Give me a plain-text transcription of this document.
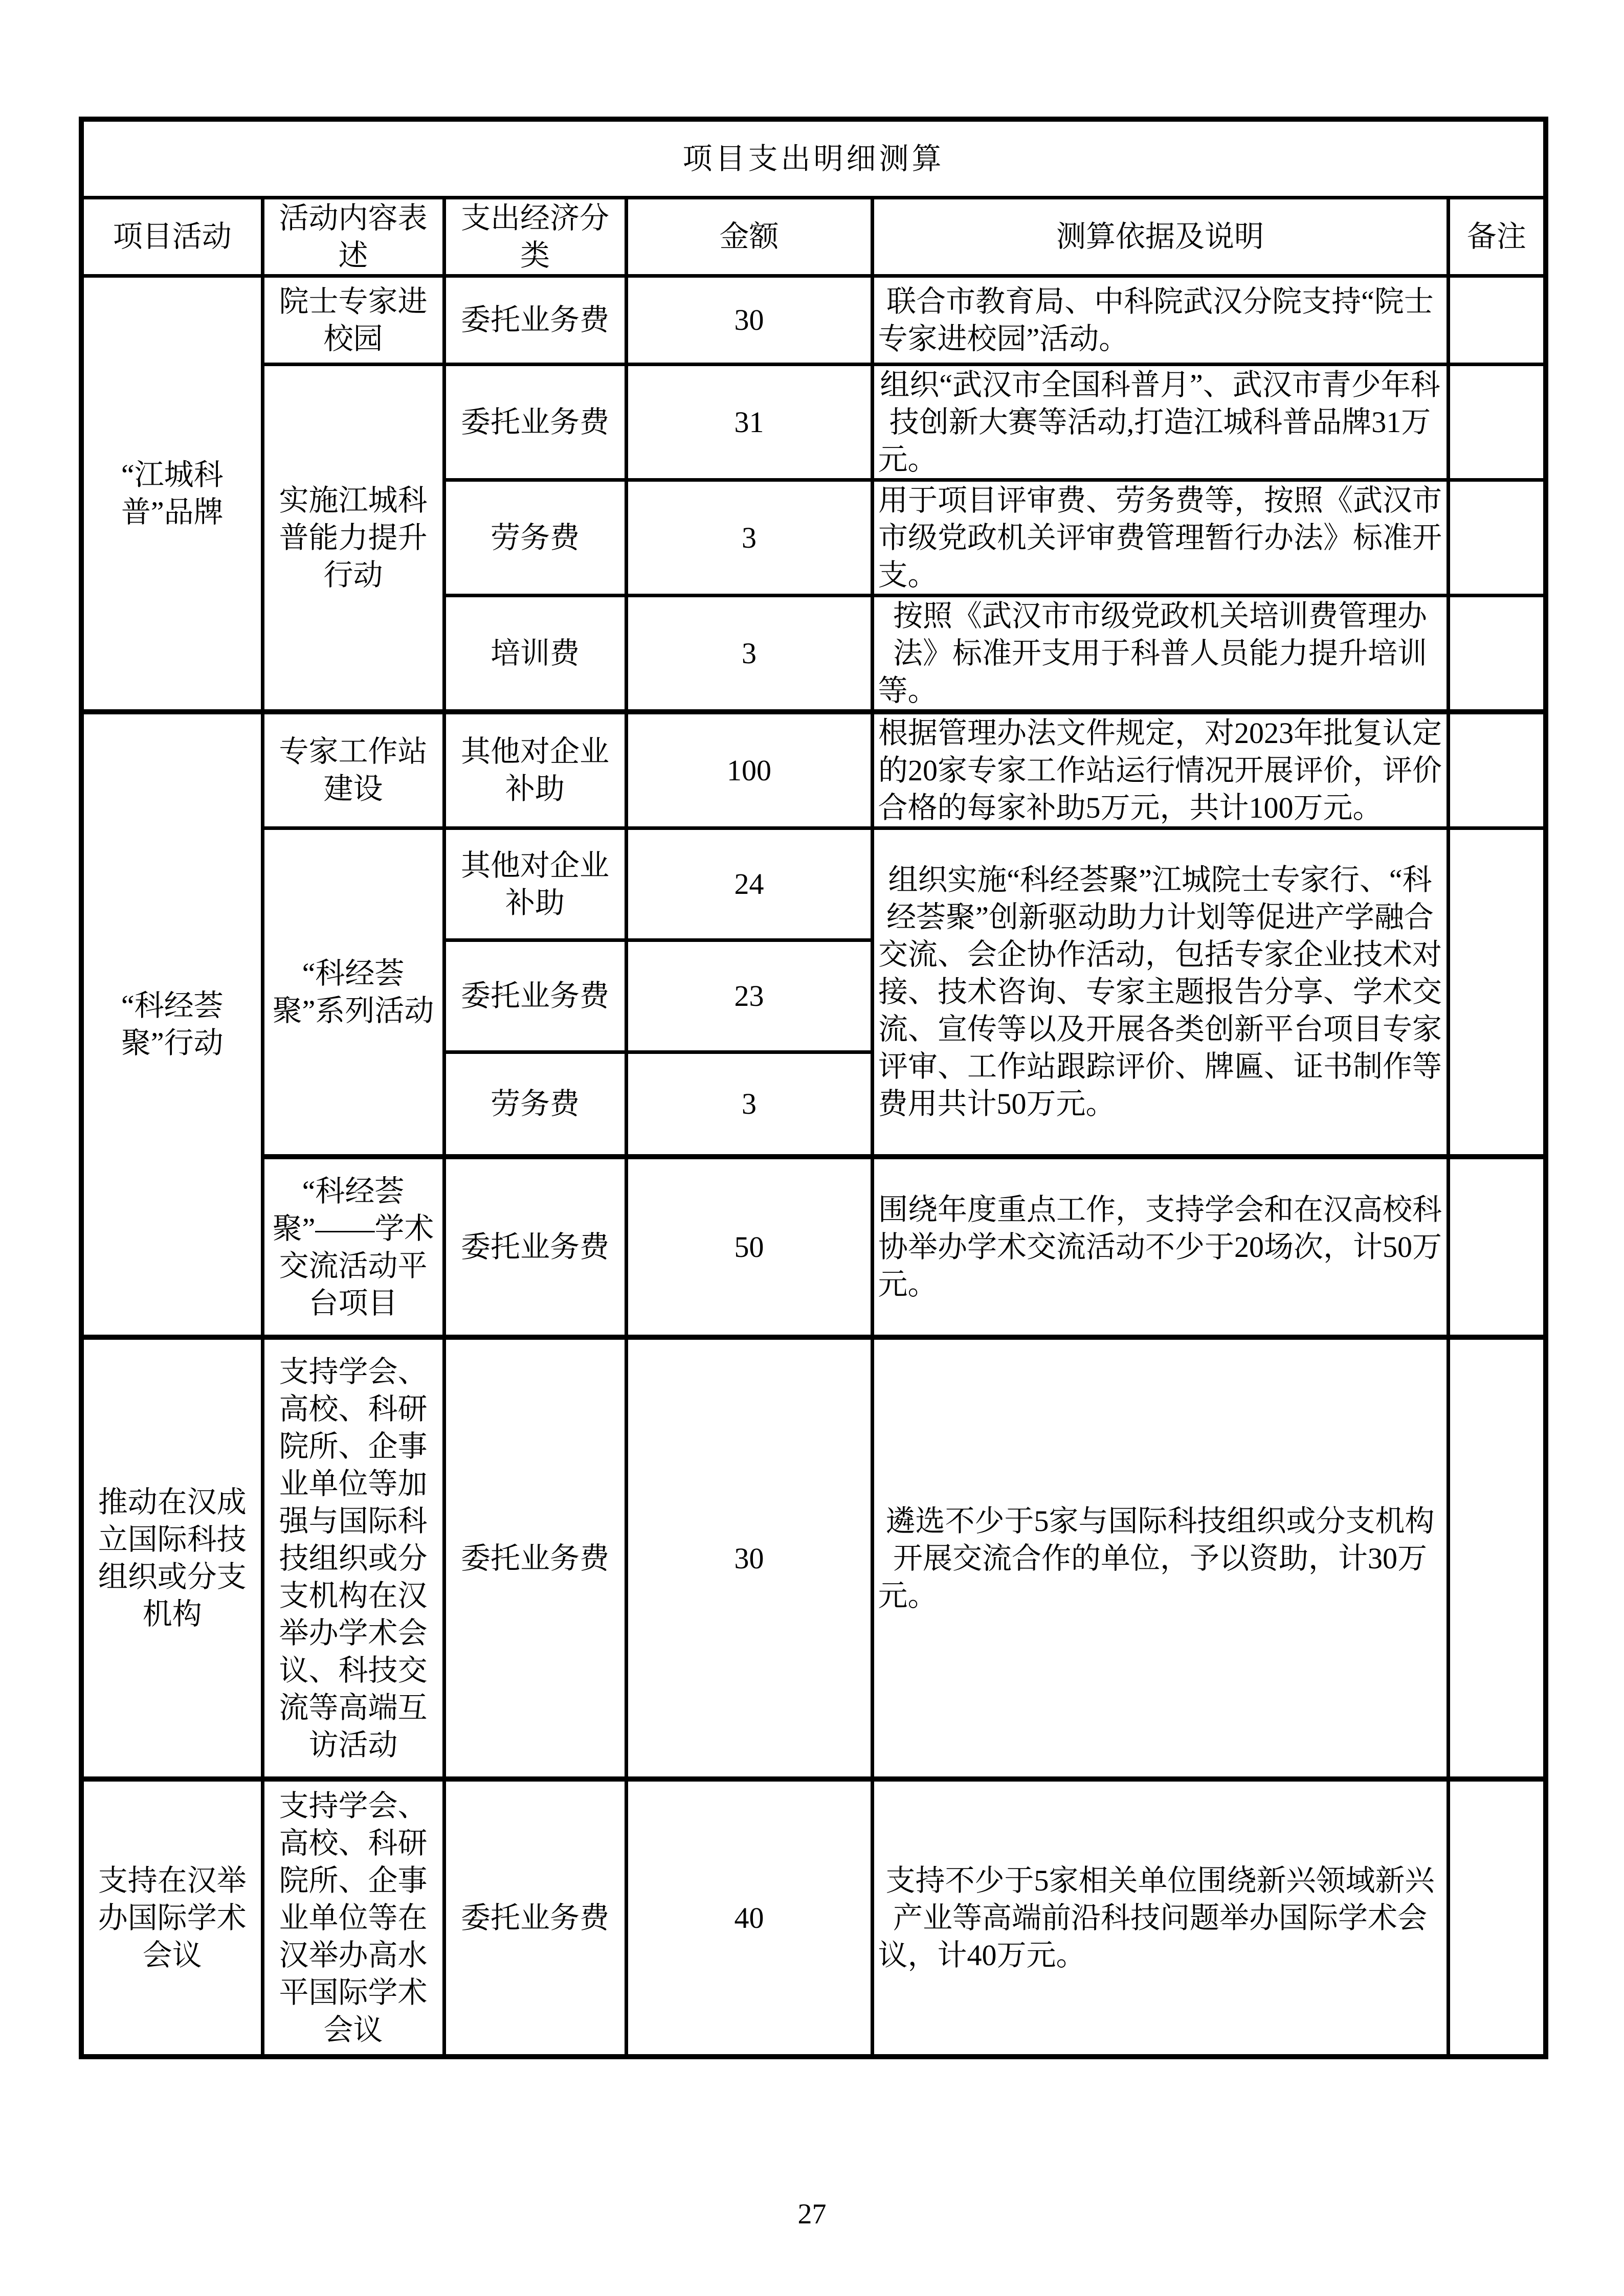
项目支出明细测算					
项目活动	活动内容表述	支出经济分类	金额	测算依据及说明	备注
“江城科普”品牌	院士专家进校园	委托业务费	30	联合市教育局、中科院武汉分院支持“院士专家进校园”活动。	
	实施江城科普能力提升行动	委托业务费	31	组织“武汉市全国科普月”、武汉市青少年科技创新大赛等活动,打造江城科普品牌31万元。	
		劳务费	3	用于项目评审费、劳务费等，按照《武汉市市级党政机关评审费管理暂行办法》标准开支。	
		培训费	3	按照《武汉市市级党政机关培训费管理办法》标准开支用于科普人员能力提升培训等。	
“科经荟聚”行动	专家工作站建设	其他对企业补助	100	根据管理办法文件规定，对2023年批复认定的20家专家工作站运行情况开展评价，评价合格的每家补助5万元，共计100万元。	
	“科经荟聚”系列活动	其他对企业补助	24	组织实施“科经荟聚”江城院士专家行、“科经荟聚”创新驱动助力计划等促进产学融合交流、会企协作活动，包括专家企业技术对接、技术咨询、专家主题报告分享、学术交流、宣传等以及开展各类创新平台项目专家评审、工作站跟踪评价、牌匾、证书制作等费用共计50万元。	
		委托业务费	23		
		劳务费	3		
	“科经荟聚”——学术交流活动平台项目	委托业务费	50	围绕年度重点工作，支持学会和在汉高校科协举办学术交流活动不少于20场次，计50万元。	
推动在汉成立国际科技组织或分支机构	支持学会、高校、科研院所、企事业单位等加强与国际科技组织或分支机构在汉举办学术会议、科技交流等高端互访活动	委托业务费	30	遴选不少于5家与国际科技组织或分支机构开展交流合作的单位，予以资助，计30万元。	
支持在汉举办国际学术会议	支持学会、高校、科研院所、企事业单位等在汉举办高水平国际学术会议	委托业务费	40	支持不少于5家相关单位围绕新兴领域新兴产业等高端前沿科技问题举办国际学术会议，计40万元。	
27
